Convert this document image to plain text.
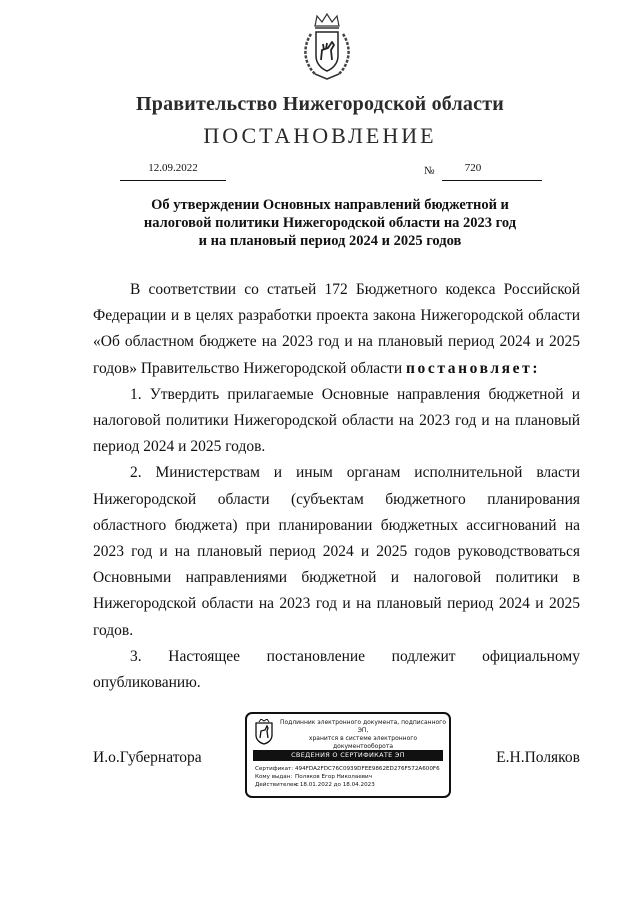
Правительство Нижегородской области
ПОСТАНОВЛЕНИЕ
12.09.2022	№	720
Об утверждении Основных направлений бюджетной и
налоговой политики Нижегородской области на 2023 год
и на плановый период 2024 и 2025 годов

В соответствии со статьей 172 Бюджетного кодекса Российской Федерации и в целях разработки проекта закона Нижегородской области «Об областном бюджете на 2023 год и на плановый период 2024 и 2025 годов» Правительство Нижегородской области постановляет:

1. Утвердить прилагаемые Основные направления бюджетной и налоговой политики Нижегородской области на 2023 год и на плановый период 2024 и 2025 годов.

2. Министерствам и иным органам исполнительной власти Нижегородской области (субъектам бюджетного планирования областного бюджета) при планировании бюджетных ассигнований на 2023 год и на плановый период 2024 и 2025 годов руководствоваться Основными направлениями бюджетной и налоговой политики в Нижегородской области на 2023 год и на плановый период 2024 и 2025 годов.

3. Настоящее постановление подлежит официальному опубликованию.

И.о.Губернатора	Е.Н.Поляков
Подлинник электронного документа, подписанного ЭП,
хранится в системе электронного документооборота
СВЕДЕНИЯ О СЕРТИФИКАТЕ ЭП
Сертификат: 494FDA2FDC76C0939DFEE9862ED276F572A600F6
Кому выдан: Поляков Егор Николаевич
Действителен:с 18.01.2022 до 18.04.2023
